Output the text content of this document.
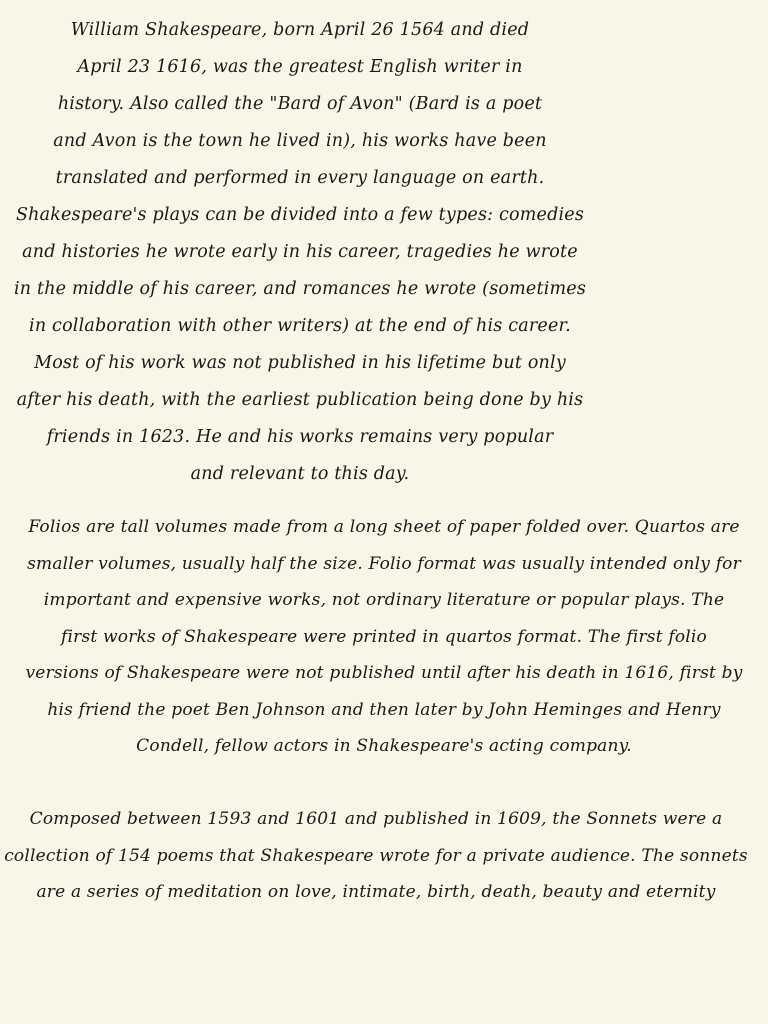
William Shakespeare, born April 26 1564 and died
April 23 1616, was the greatest English writer in
history. Also called the "Bard of Avon" (Bard is a poet
and Avon is the town he lived in), his works have been
translated and performed in every language on earth.
Shakespeare's plays can be divided into a few types: comedies
and histories he wrote early in his career, tragedies he wrote
in the middle of his career, and romances he wrote (sometimes
in collaboration with other writers) at the end of his career.
Most of his work was not published in his lifetime but only
after his death, with the earliest publication being done by his
friends in 1623. He and his works remains very popular
and relevant to this day.

Folios are tall volumes made from a long sheet of paper folded over. Quartos are
smaller volumes, usually half the size. Folio format was usually intended only for
important and expensive works, not ordinary literature or popular plays. The
first works of Shakespeare were printed in quartos format. The first folio
versions of Shakespeare were not published until after his death in 1616, first by
his friend the poet Ben Johnson and then later by John Heminges and Henry
Condell, fellow actors in Shakespeare's acting company.

Composed between 1593 and 1601 and published in 1609, the Sonnets were a
collection of 154 poems that Shakespeare wrote for a private audience. The sonnets
are a series of meditation on love, intimate, birth, death, beauty and eternity
